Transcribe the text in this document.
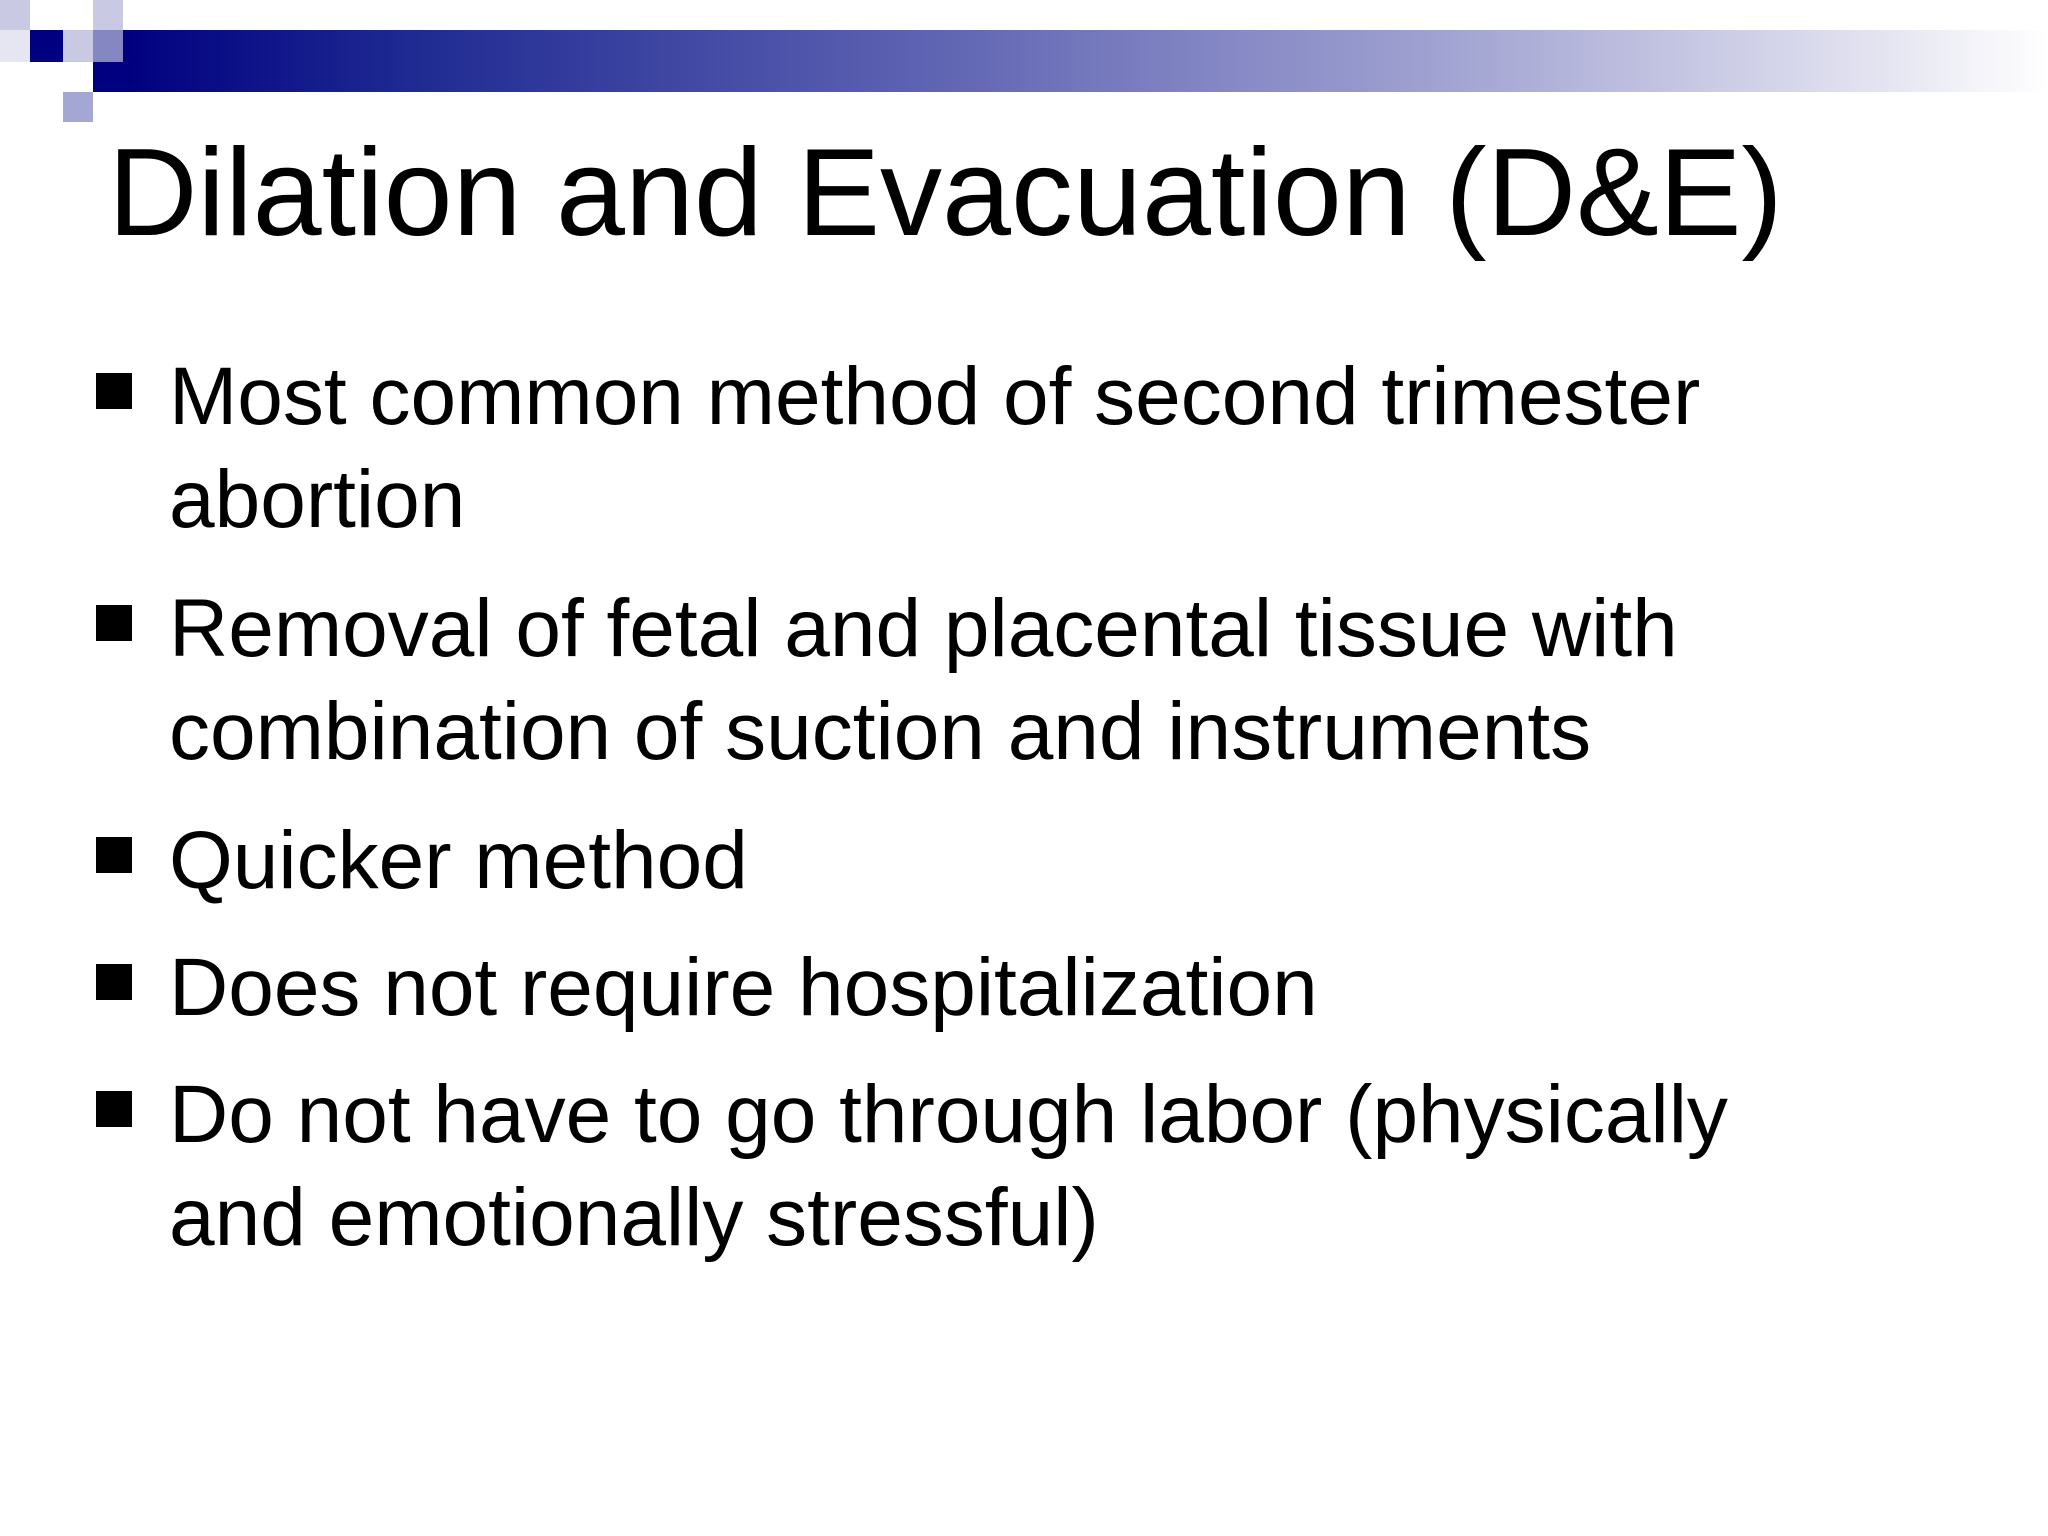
Dilation and Evacuation (D&E)
Most common method of second trimester
abortion
Removal of fetal and placental tissue with
combination of suction and instruments
Quicker method
Does not require hospitalization
Do not have to go through labor (physically
and emotionally stressful)
